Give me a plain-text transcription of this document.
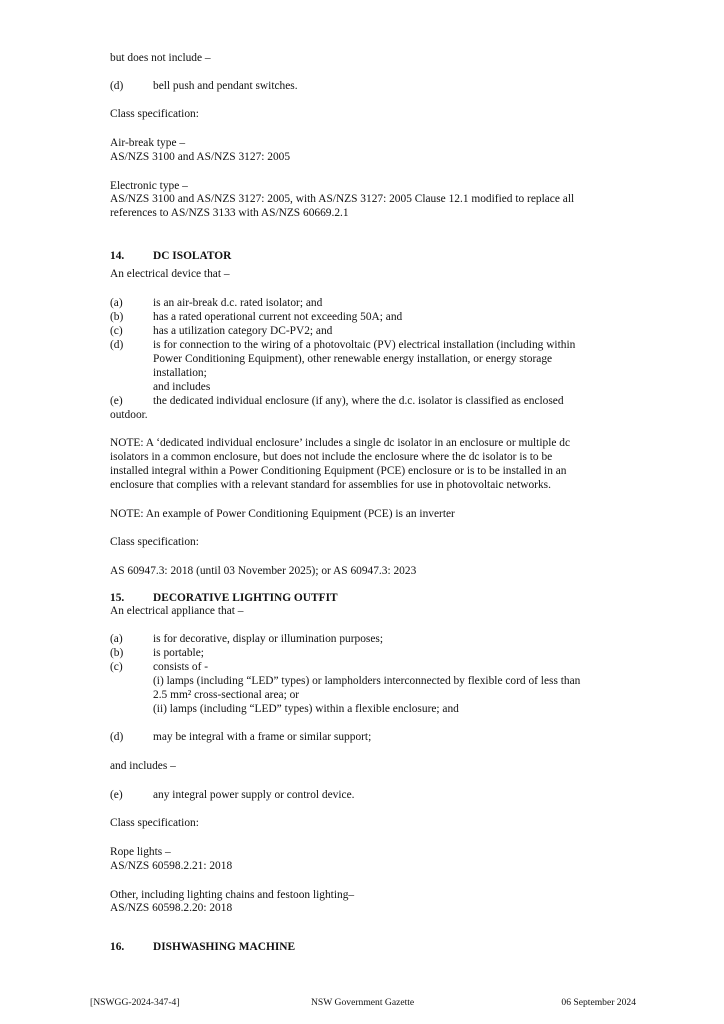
but does not include –
(d)	bell push and pendant switches.
Class specification:
Air-break type –
AS/NZS 3100 and AS/NZS 3127: 2005
Electronic type –
AS/NZS 3100 and AS/NZS 3127: 2005, with AS/NZS 3127: 2005 Clause 12.1 modified to replace all
references to AS/NZS 3133 with AS/NZS 60669.2.1
14.	DC ISOLATOR
An electrical device that –
(a)	is an air-break d.c. rated isolator; and
(b)	has a rated operational current not exceeding 50A; and
(c)	has a utilization category DC-PV2; and
(d)	is for connection to the wiring of a photovoltaic (PV) electrical installation (including within
Power Conditioning Equipment), other renewable energy installation, or energy storage
installation;
and includes
(e)	the dedicated individual enclosure (if any), where the d.c. isolator is classified as enclosed
outdoor.
NOTE: A ‘dedicated individual enclosure’ includes a single dc isolator in an enclosure or multiple dc
isolators in a common enclosure, but does not include the enclosure where the dc isolator is to be
installed integral within a Power Conditioning Equipment (PCE) enclosure or is to be installed in an
enclosure that complies with a relevant standard for assemblies for use in photovoltaic networks.
NOTE: An example of Power Conditioning Equipment (PCE) is an inverter
Class specification:
AS 60947.3: 2018 (until 03 November 2025); or AS 60947.3: 2023
15.	DECORATIVE LIGHTING OUTFIT
An electrical appliance that –
(a)	is for decorative, display or illumination purposes;
(b)	is portable;
(c)	consists of -
(i) lamps (including “LED” types) or lampholders interconnected by flexible cord of less than
2.5 mm² cross-sectional area; or
(ii) lamps (including “LED” types) within a flexible enclosure; and
(d)	may be integral with a frame or similar support;
and includes –
(e)	any integral power supply or control device.
Class specification:
Rope lights –
AS/NZS 60598.2.21: 2018
Other, including lighting chains and festoon lighting–
AS/NZS 60598.2.20: 2018
16.	DISHWASHING MACHINE
[NSWGG-2024-347-4]	NSW Government Gazette	06 September 2024
